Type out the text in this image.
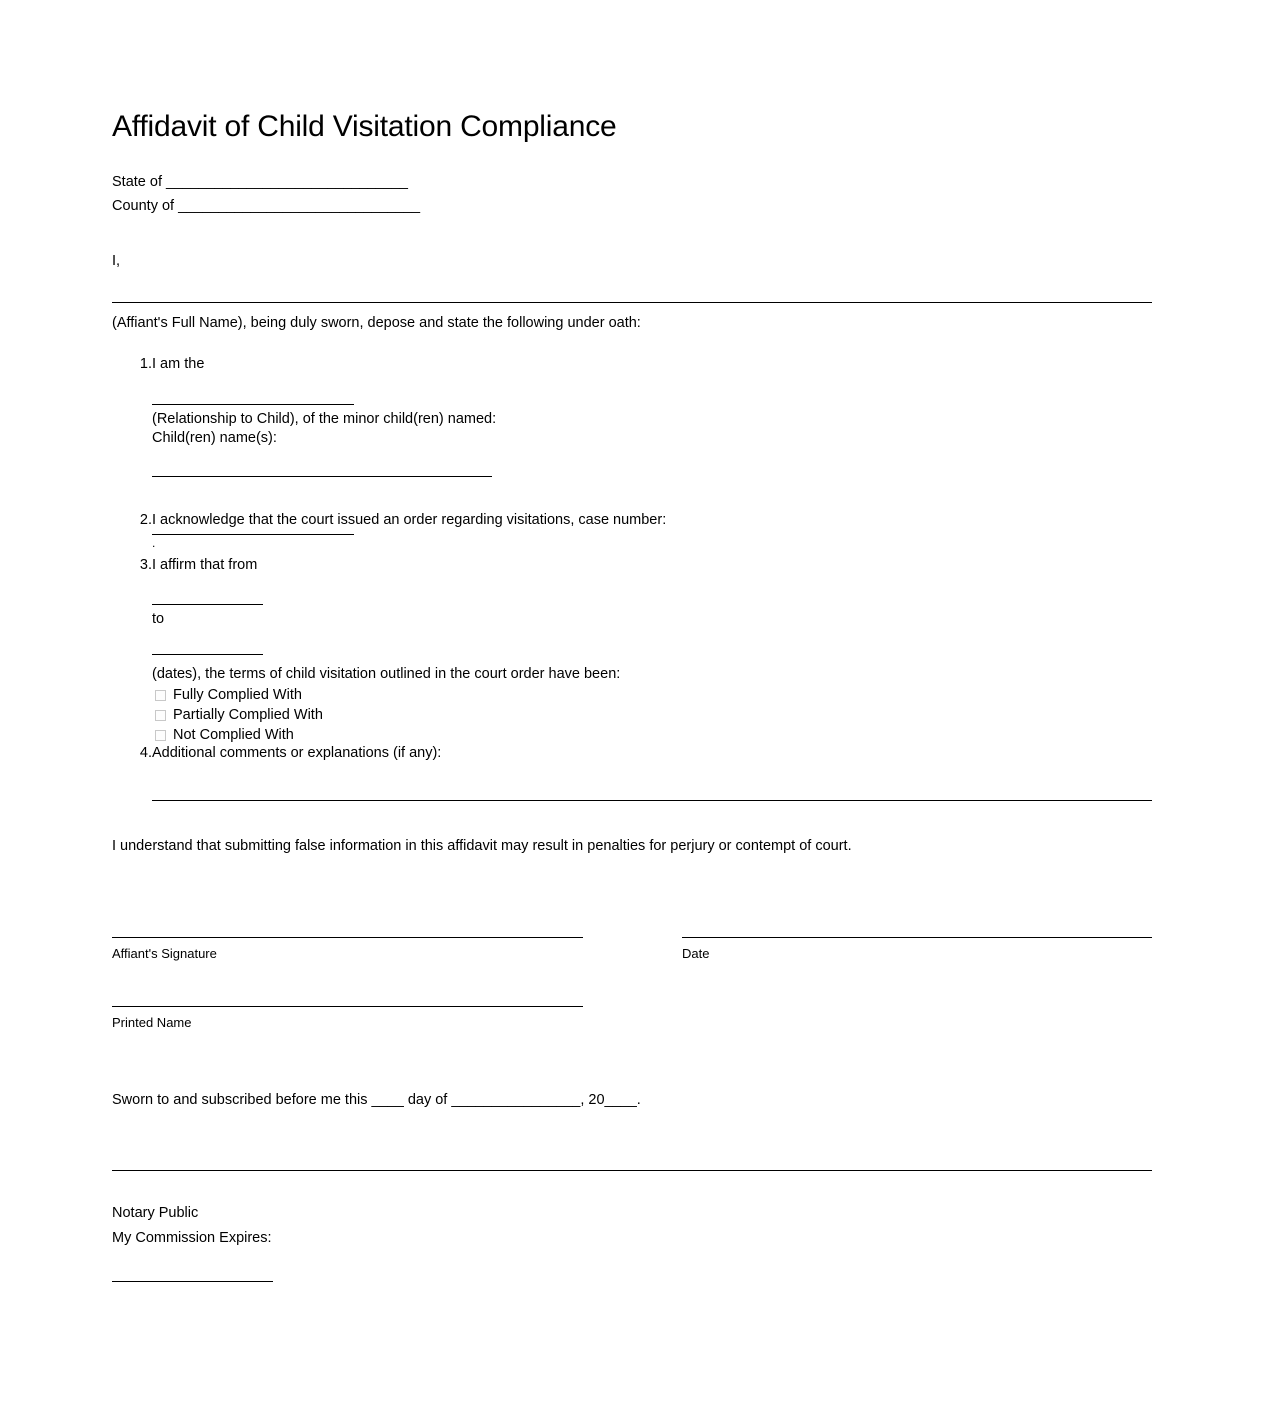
Affidavit of Child Visitation Compliance
State of ______________________________
County of ______________________________
I,
(Affiant's Full Name), being duly sworn, depose and state the following under oath:
1. I am the
(Relationship to Child), of the minor child(ren) named:
Child(ren) name(s):
2. I acknowledge that the court issued an order regarding visitations, case number:
.
3. I affirm that from
to
(dates), the terms of child visitation outlined in the court order have been:
Fully Complied With
Partially Complied With
Not Complied With
4. Additional comments or explanations (if any):
I understand that submitting false information in this affidavit may result in penalties for perjury or contempt of court.
Affiant's Signature	Date
Printed Name
Sworn to and subscribed before me this ____ day of ________________, 20____.
Notary Public
My Commission Expires:
